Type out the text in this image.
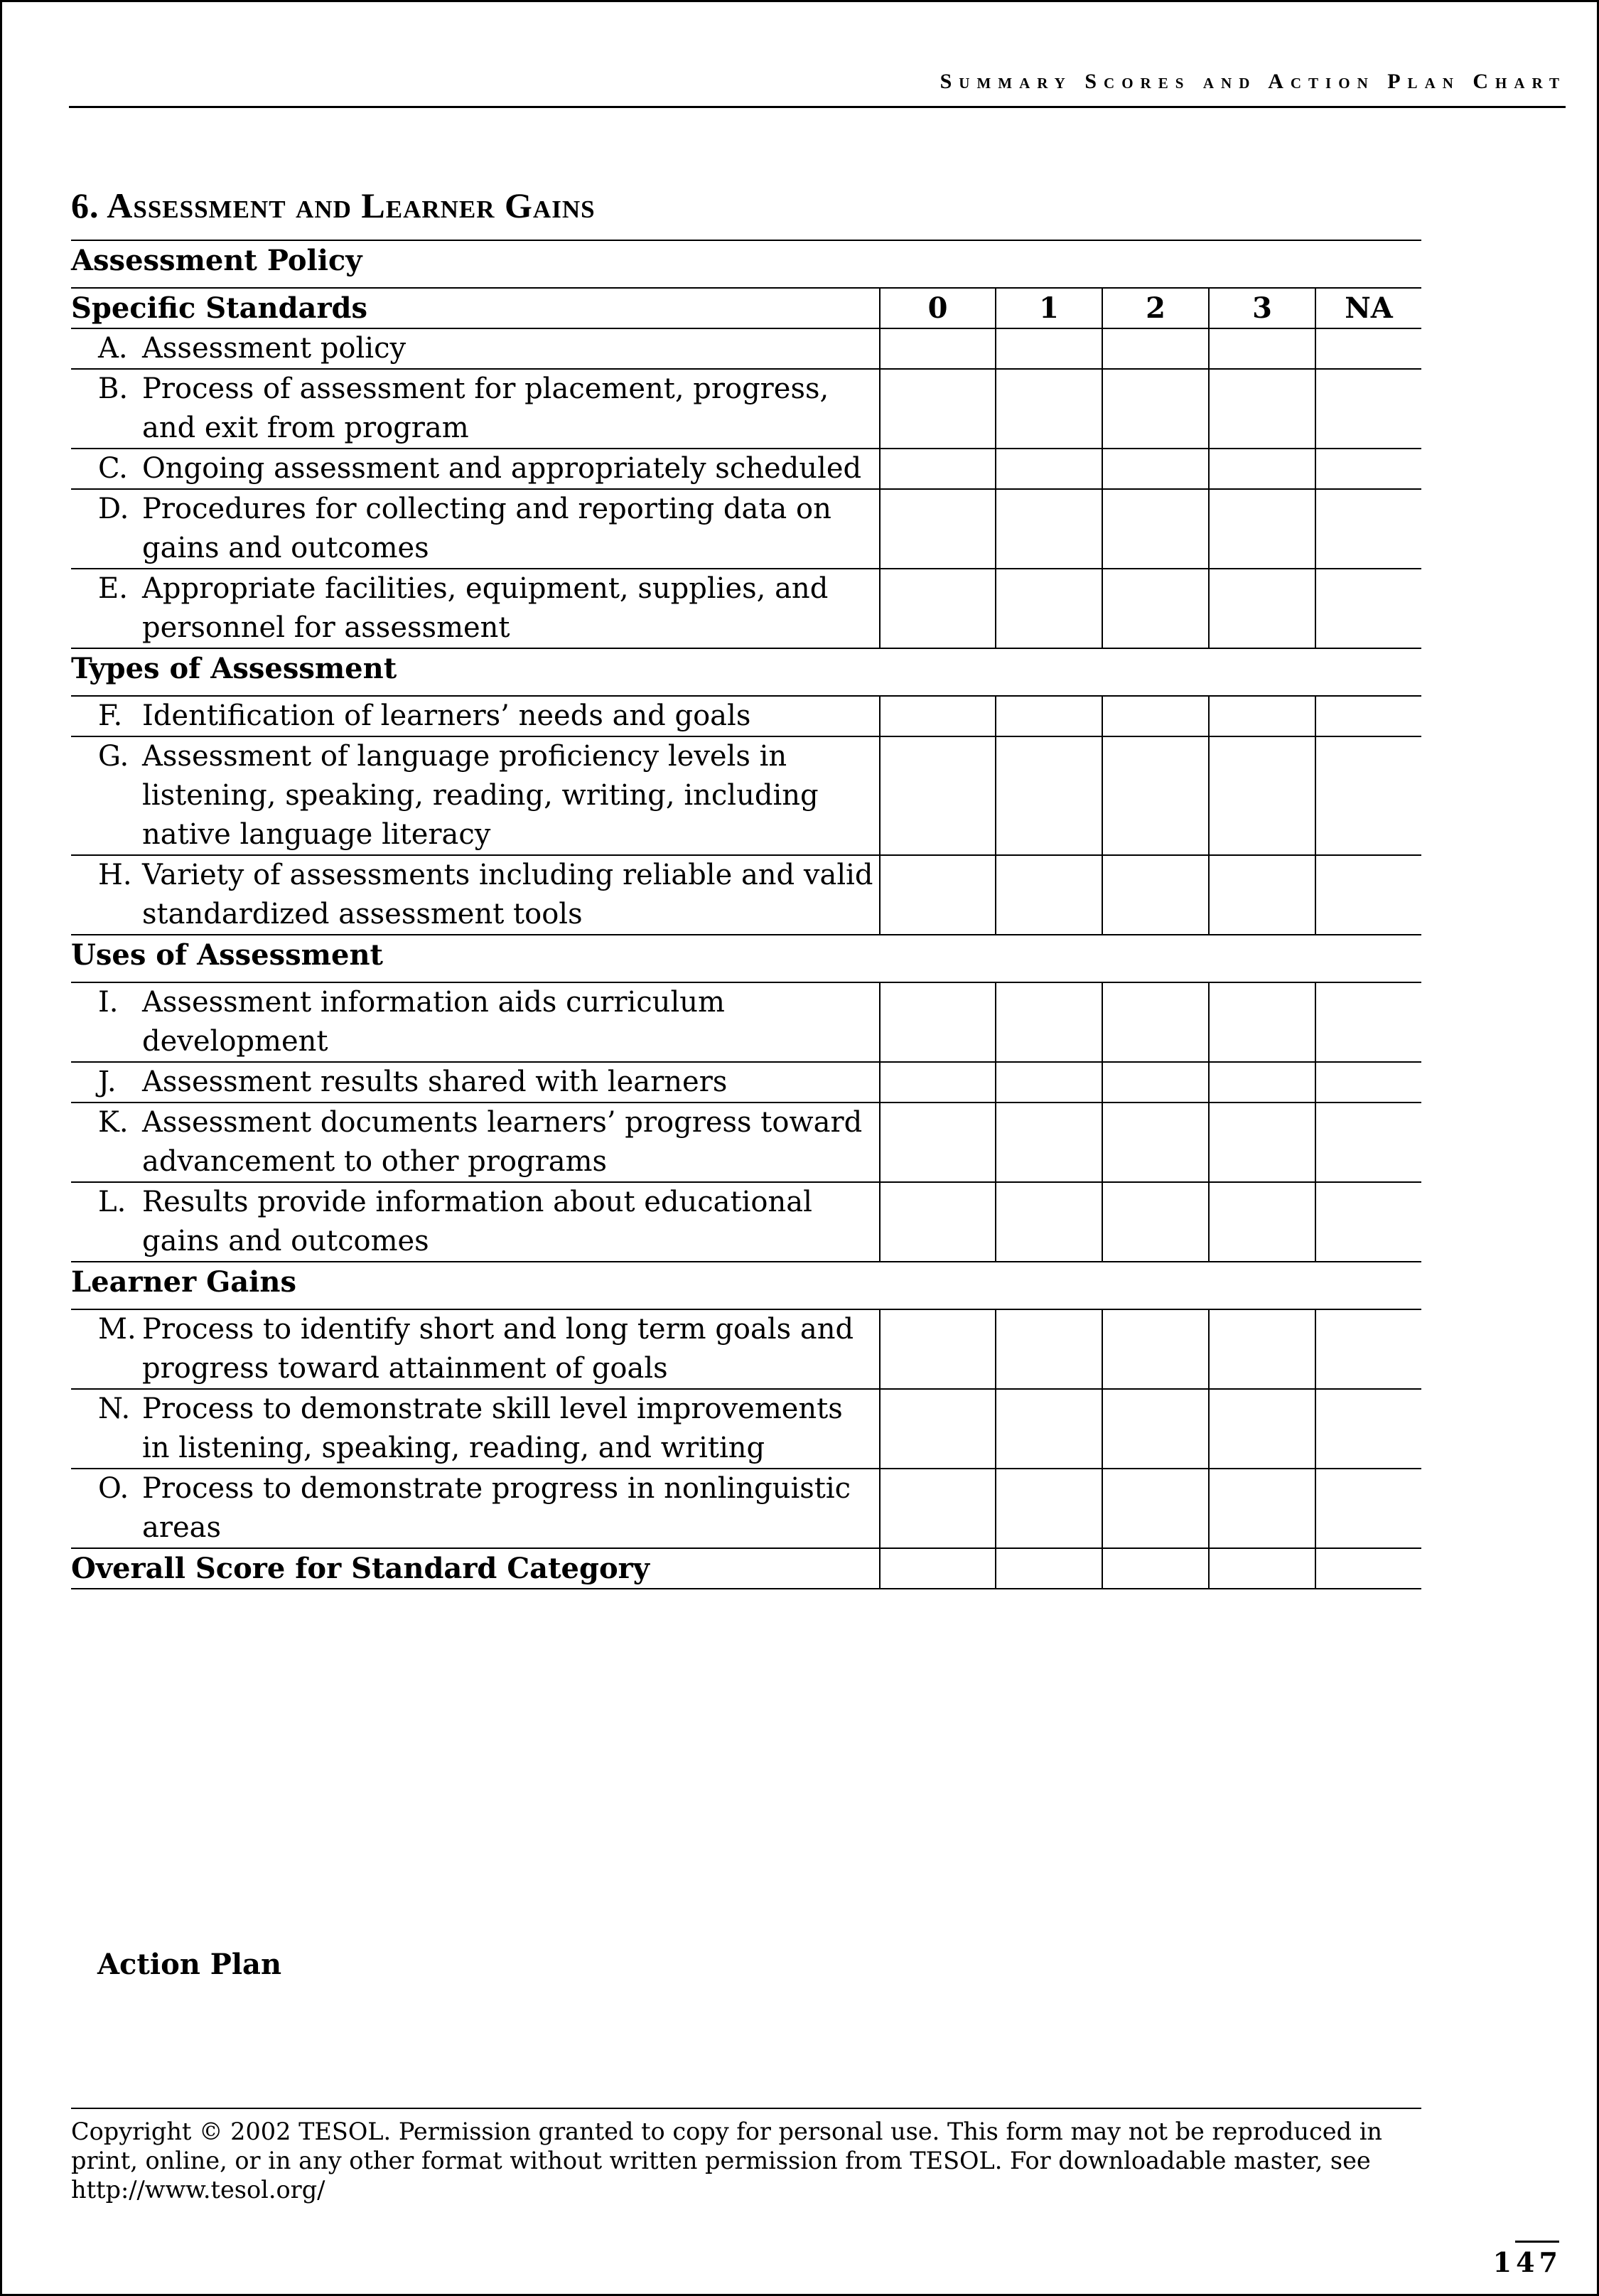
Summary Scores and Action Plan Chart
6. Assessment and Learner Gains
Assessment Policy					
Specific Standards	0	1	2	3	NA

A. Assessment policy					

B. Process of assessment for placement, progress, and exit from program					

C. Ongoing assessment and appropriately scheduled					

D. Procedures for collecting and reporting data on gains and outcomes					

E. Appropriate facilities, equipment, supplies, and personnel for assessment					

Types of Assessment					

F. Identification of learners’ needs and goals					

G. Assessment of language proficiency levels in listening, speaking, reading, writing, including native language literacy					

H. Variety of assessments including reliable and valid standardized assessment tools					

Uses of Assessment					

I. Assessment information aids curriculum development					

J. Assessment results shared with learners					

K. Assessment documents learners’ progress toward advancement to other programs					

L. Results provide information about educational gains and outcomes					

Learner Gains					

M. Process to identify short and long term goals and progress toward attainment of goals					

N. Process to demonstrate skill level improvements in listening, speaking, reading, and writing					

O. Process to demonstrate progress in nonlinguistic areas					

Overall Score for Standard Category					
Action Plan
Copyright © 2002 TESOL. Permission granted to copy for personal use. This form may not be reproduced in print, online, or in any other format without written permission from TESOL. For downloadable master, see http://www.tesol.org/
147
